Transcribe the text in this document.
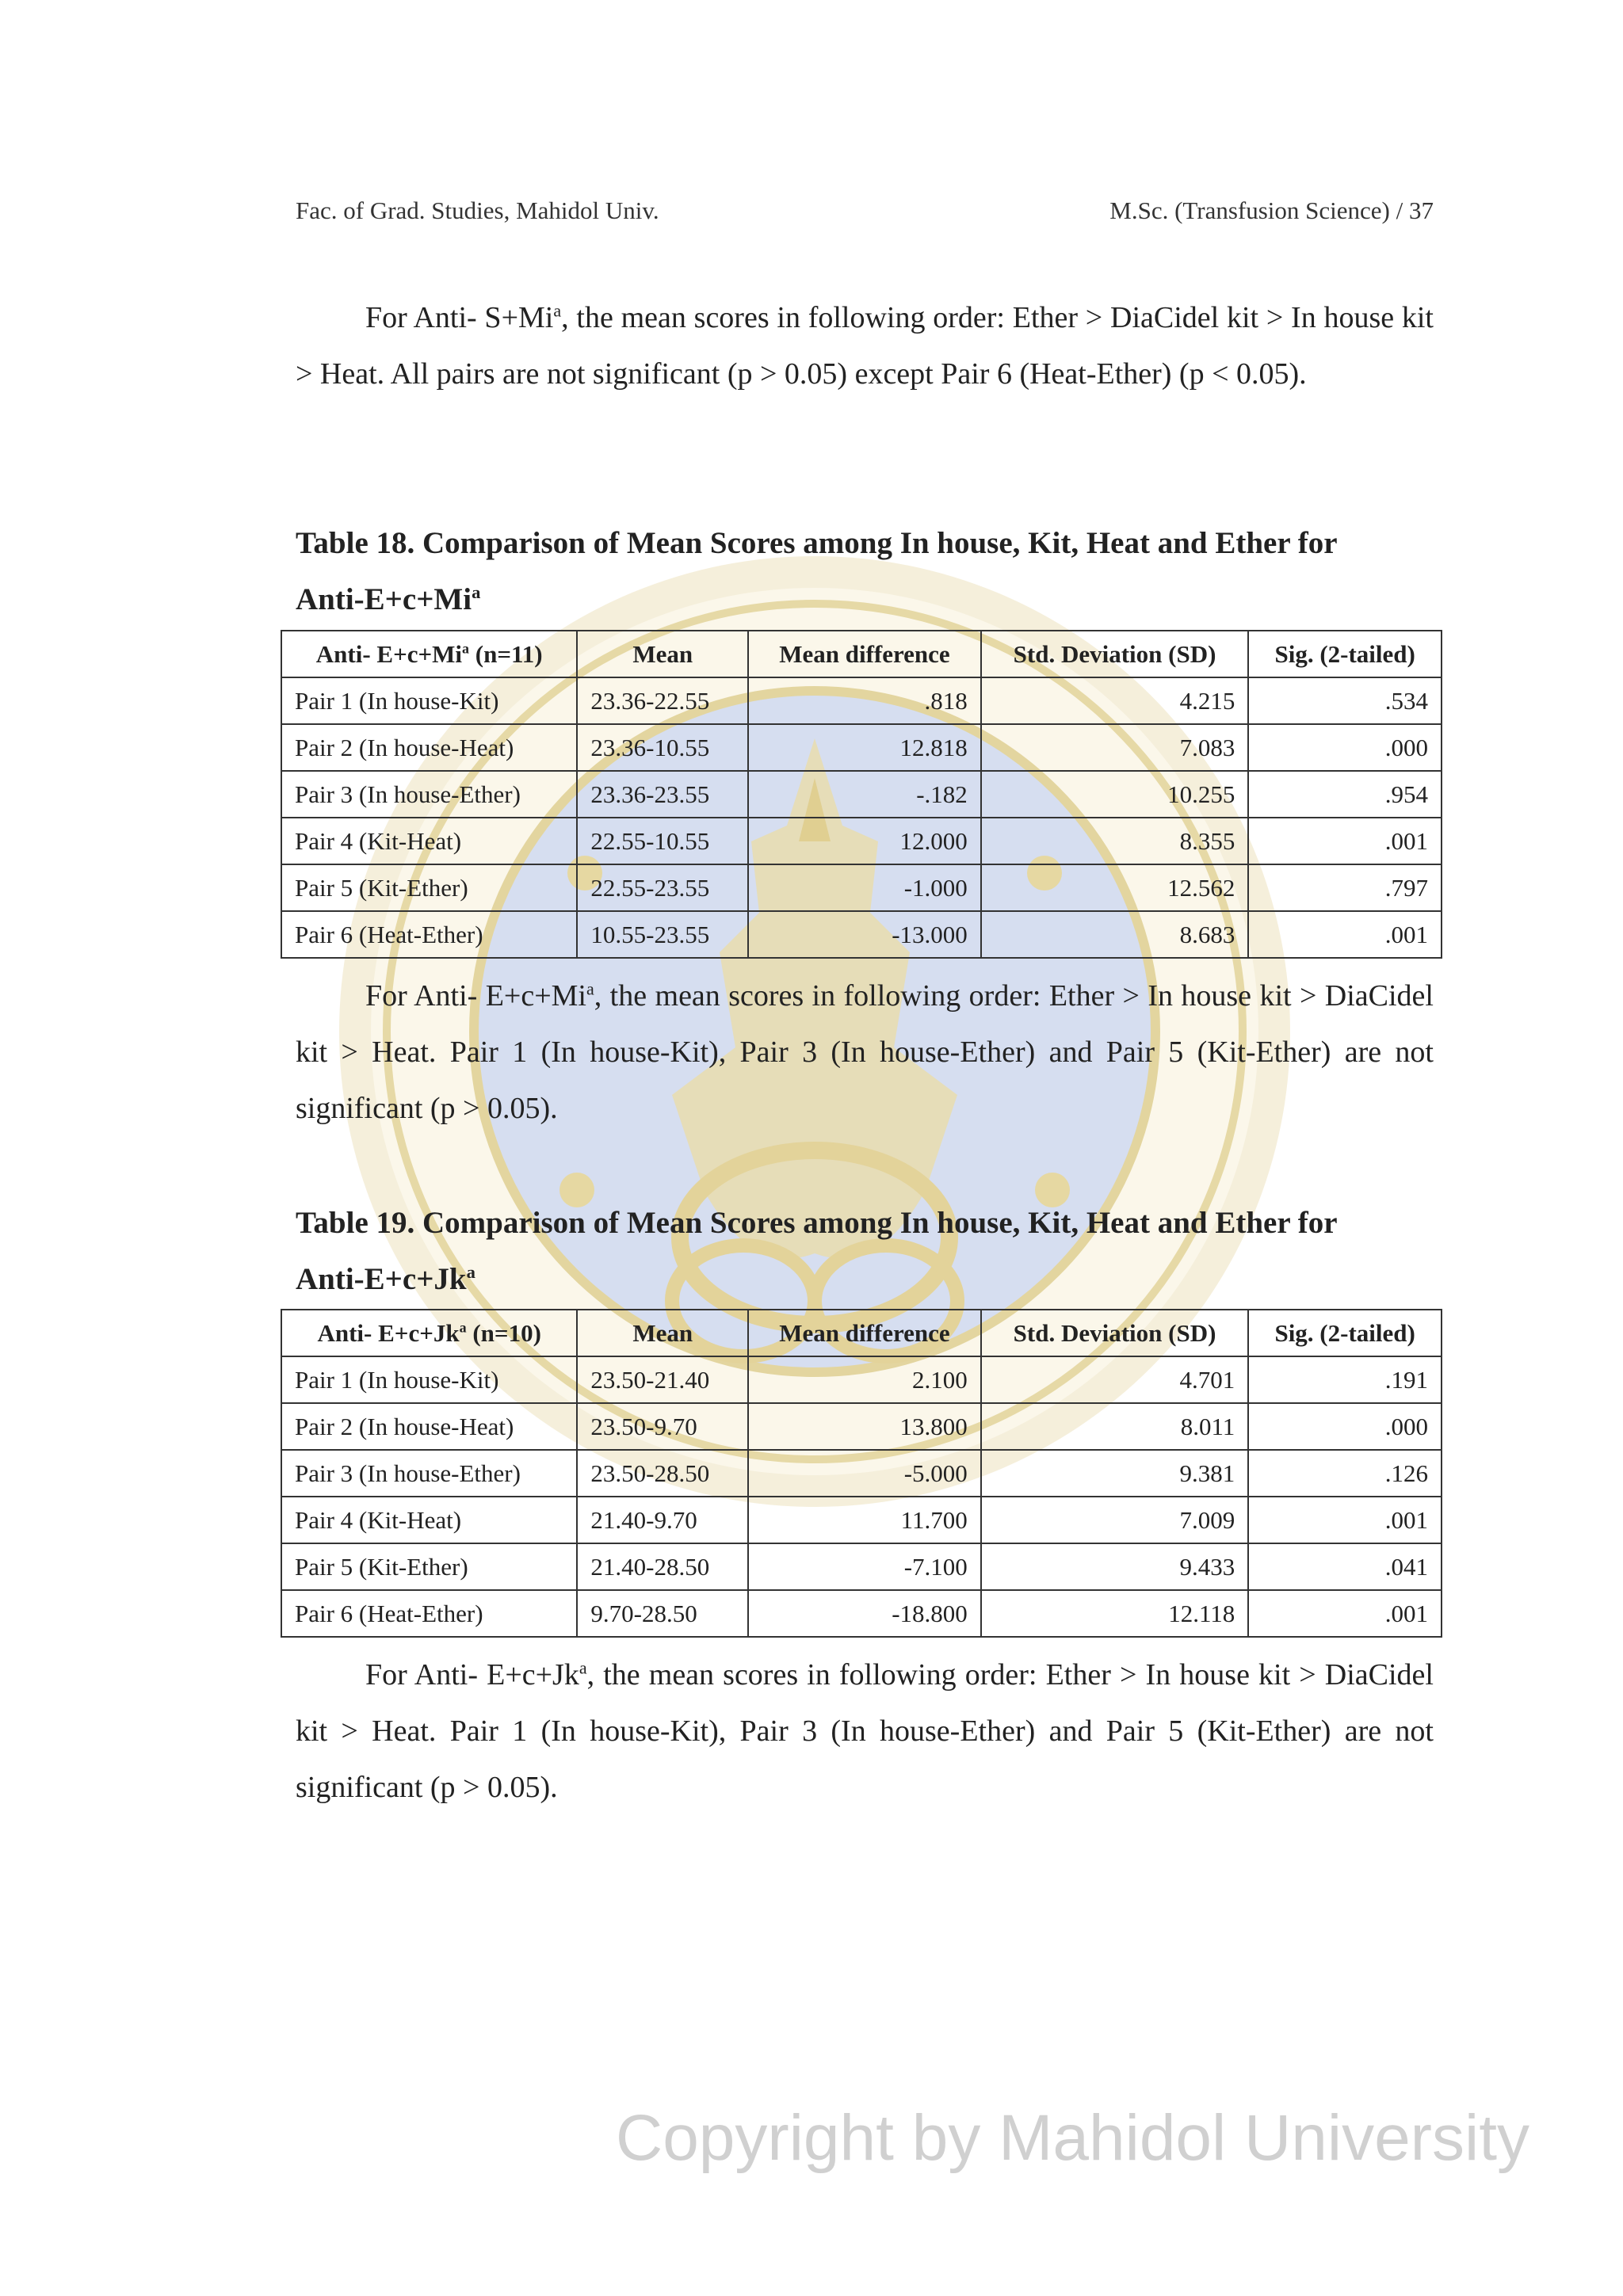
Fac. of Grad. Studies, Mahidol Univ.	M.Sc. (Transfusion Science) / 37

For Anti- $S+Mi^a$, the mean scores in following order: Ether > DiaCidel kit > In house kit > Heat. All pairs are not significant (p > 0.05) except Pair 6 (Heat-Ether) (p < 0.05).

Table 18. Comparison of Mean Scores among In house, Kit, Heat and Ether for
Anti-$E+c+Mi^a$

Anti- $E+c+Mi^a$ (n=11)	Mean	Mean difference	Std. Deviation (SD)	Sig. (2-tailed)
Pair 1 (In house-Kit)	23.36-22.55	.818	4.215	.534
Pair 2 (In house-Heat)	23.36-10.55	12.818	7.083	.000
Pair 3 (In house-Ether)	23.36-23.55	-.182	10.255	.954
Pair 4 (Kit-Heat)	22.55-10.55	12.000	8.355	.001
Pair 5 (Kit-Ether)	22.55-23.55	-1.000	12.562	.797
Pair 6 (Heat-Ether)	10.55-23.55	-13.000	8.683	.001

For Anti- $E+c+Mi^a$, the mean scores in following order: Ether > In house kit > DiaCidel kit > Heat. Pair 1 (In house-Kit), Pair 3 (In house-Ether) and Pair 5 (Kit-Ether) are not significant (p > 0.05).

Table 19. Comparison of Mean Scores among In house, Kit, Heat and Ether for
Anti-$E+c+Jk^a$

Anti- $E+c+Jk^a$ (n=10)	Mean	Mean difference	Std. Deviation (SD)	Sig. (2-tailed)
Pair 1 (In house-Kit)	23.50-21.40	2.100	4.701	.191
Pair 2 (In house-Heat)	23.50-9.70	13.800	8.011	.000
Pair 3 (In house-Ether)	23.50-28.50	-5.000	9.381	.126
Pair 4 (Kit-Heat)	21.40-9.70	11.700	7.009	.001
Pair 5 (Kit-Ether)	21.40-28.50	-7.100	9.433	.041
Pair 6 (Heat-Ether)	9.70-28.50	-18.800	12.118	.001

For Anti- $E+c+Jk^a$, the mean scores in following order: Ether > In house kit > DiaCidel kit > Heat. Pair 1 (In house-Kit), Pair 3 (In house-Ether) and Pair 5 (Kit-Ether) are not significant (p > 0.05).

Copyright by Mahidol University
